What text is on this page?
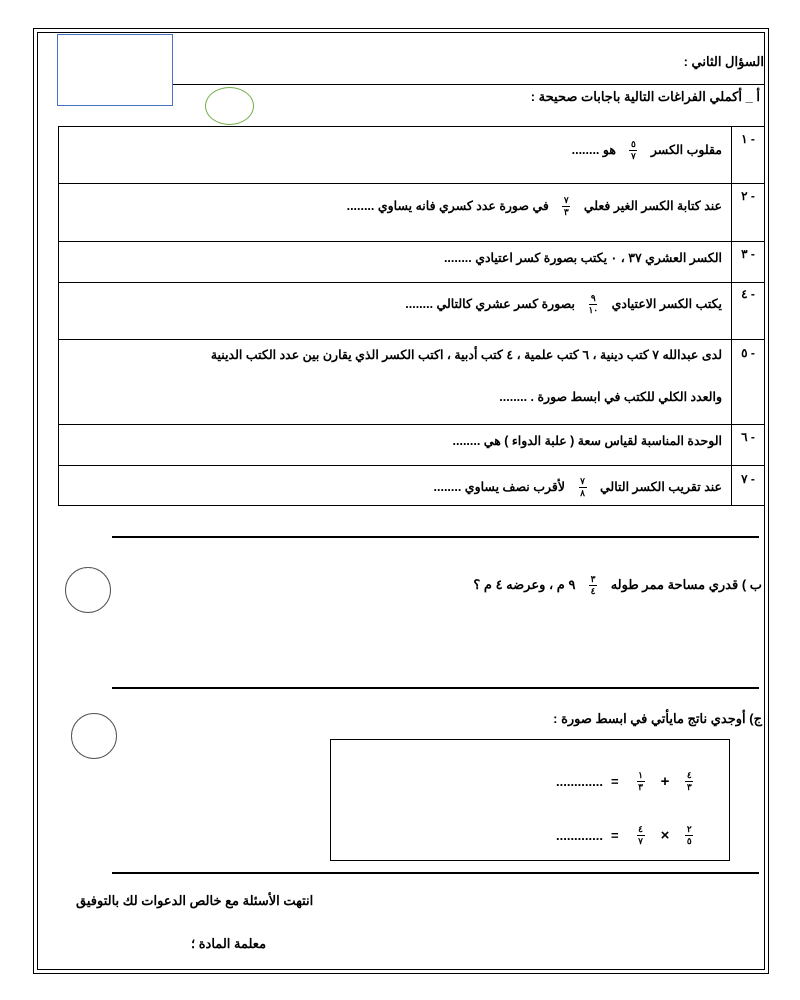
السؤال الثاني :
أ _ أكملي الفراغات التالية باجابات صحيحة :
١ -
مقلوب الكسر
$\frac{٥}{٧}$
هو ........
٢ -
عند كتابة الكسر الغير فعلي
$\frac{٧}{٣}$
في صورة عدد كسري فانه يساوي ........
٣ -
الكسر العشري ٣٧ ، ٠ يكتب بصورة كسر اعتيادي ........
٤ -
يكتب الكسر الاعتيادي
$\frac{٩}{١٠}$
بصورة كسر عشري كالتالي ........
٥ -
لدى عبدالله ٧ كتب دينية ، ٦ كتب علمية ، ٤ كتب أدبية ، اكتب الكسر الذي يقارن بين عدد الكتب الدينية
والعدد الكلي للكتب في ابسط صورة . ........
٦ -
الوحدة المناسبة لقياس سعة ( علبة الدواء ) هي ........
٧ -
عند تقريب الكسر التالي
$\frac{٧}{٨}$
لأقرب نصف يساوي ........
ب ) قدري مساحة ممر طوله
$\frac{٣}{٤}$
٩ م ، وعرضه ٤ م ؟
ج) أوجدي ناتج مايأتي في ابسط صورة :
............. = $\frac{١}{٣} + \frac{٤}{٣}$
............. = $\frac{٤}{٧} \times \frac{٢}{٥}$
انتهت الأسئلة مع خالص الدعوات لك بالتوفيق
معلمة المادة ؛
